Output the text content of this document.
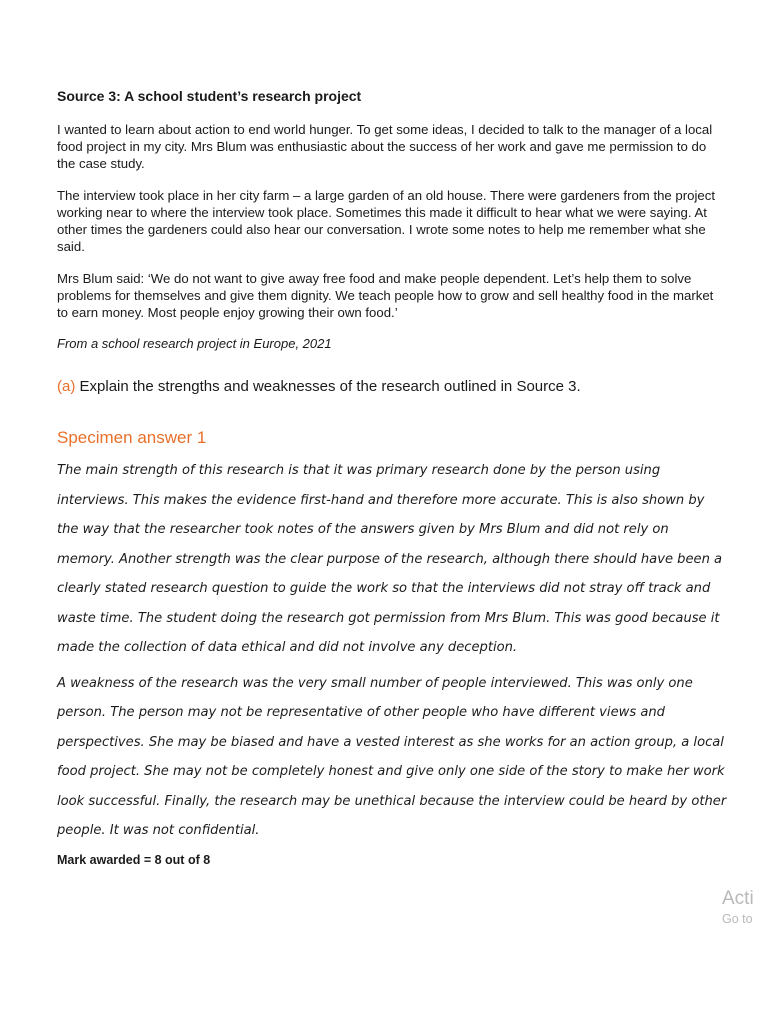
Source 3: A school student’s research project

I wanted to learn about action to end world hunger. To get some ideas, I decided to talk to the manager of a local food project in my city. Mrs Blum was enthusiastic about the success of her work and gave me permission to do the case study.

The interview took place in her city farm – a large garden of an old house. There were gardeners from the project working near to where the interview took place. Sometimes this made it difficult to hear what we were saying. At other times the gardeners could also hear our conversation. I wrote some notes to help me remember what she said.

Mrs Blum said: ‘We do not want to give away free food and make people dependent. Let’s help them to solve problems for themselves and give them dignity. We teach people how to grow and sell healthy food in the market to earn money. Most people enjoy growing their own food.’

From a school research project in Europe, 2021

(a) Explain the strengths and weaknesses of the research outlined in Source 3.

Specimen answer 1

The main strength of this research is that it was primary research done by the person using interviews. This makes the evidence first-hand and therefore more accurate. This is also shown by the way that the researcher took notes of the answers given by Mrs Blum and did not rely on memory. Another strength was the clear purpose of the research, although there should have been a clearly stated research question to guide the work so that the interviews did not stray off track and waste time. The student doing the research got permission from Mrs Blum. This was good because it made the collection of data ethical and did not involve any deception.

A weakness of the research was the very small number of people interviewed. This was only one person. The person may not be representative of other people who have different views and perspectives. She may be biased and have a vested interest as she works for an action group, a local food project. She may not be completely honest and give only one side of the story to make her work look successful. Finally, the research may be unethical because the interview could be heard by other people. It was not confidential.

Mark awarded = 8 out of 8

Acti
Go to
